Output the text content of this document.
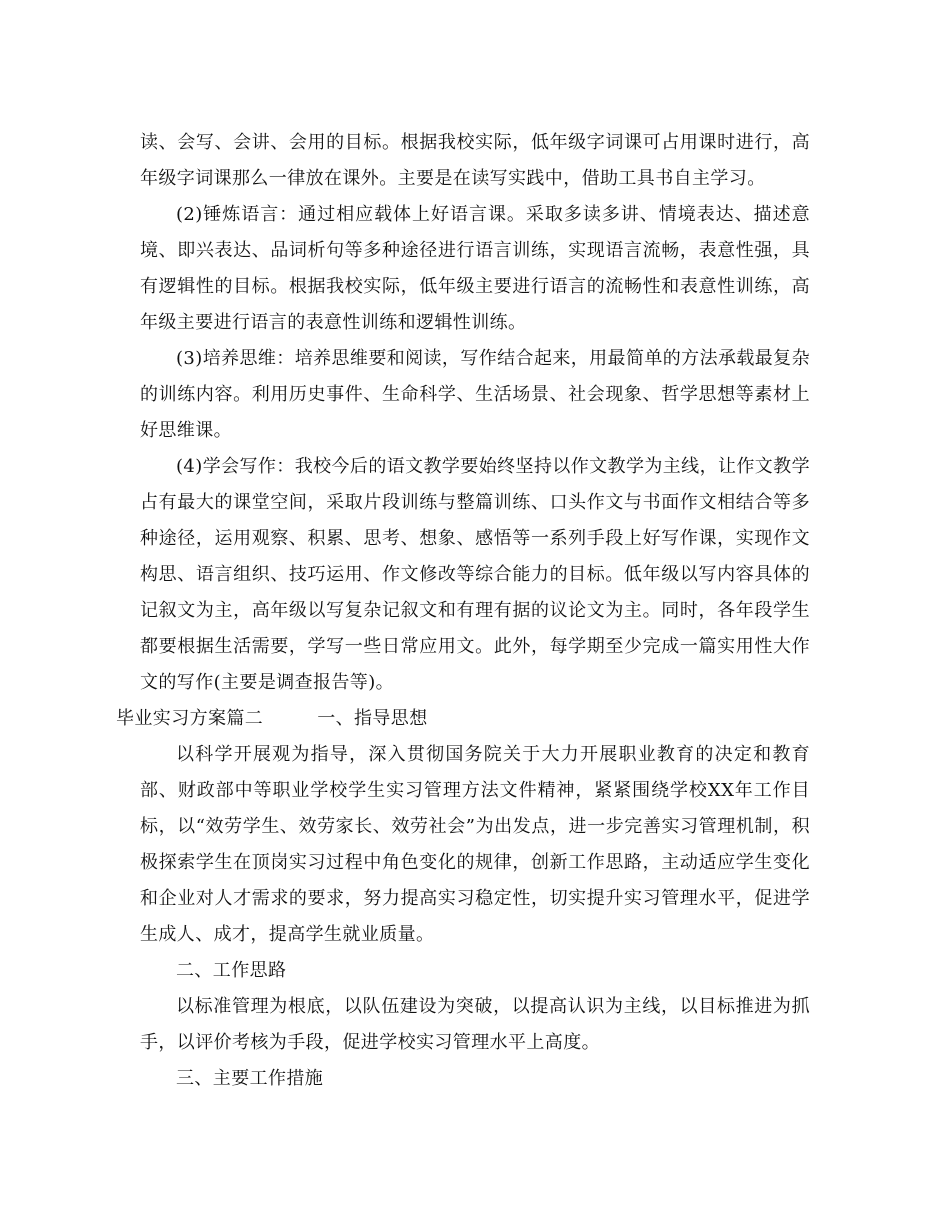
读、会写、会讲、会用的目标。根据我校实际，低年级字词课可占用课时进行，高年级字词课那么一律放在课外。主要是在读写实践中，借助工具书自主学习。

(2)锤炼语言：通过相应载体上好语言课。采取多读多讲、情境表达、描述意境、即兴表达、品词析句等多种途径进行语言训练，实现语言流畅，表意性强，具有逻辑性的目标。根据我校实际，低年级主要进行语言的流畅性和表意性训练，高年级主要进行语言的表意性训练和逻辑性训练。

(3)培养思维：培养思维要和阅读，写作结合起来，用最简单的方法承载最复杂的训练内容。利用历史事件、生命科学、生活场景、社会现象、哲学思想等素材上好思维课。

(4)学会写作：我校今后的语文教学要始终坚持以作文教学为主线，让作文教学占有最大的课堂空间，采取片段训练与整篇训练、口头作文与书面作文相结合等多种途径，运用观察、积累、思考、想象、感悟等一系列手段上好写作课，实现作文构思、语言组织、技巧运用、作文修改等综合能力的目标。低年级以写内容具体的记叙文为主，高年级以写复杂记叙文和有理有据的议论文为主。同时，各年段学生都要根据生活需要，学写一些日常应用文。此外，每学期至少完成一篇实用性大作文的写作(主要是调查报告等)。

毕业实习方案篇二	一、指导思想

以科学开展观为指导，深入贯彻国务院关于大力开展职业教育的决定和教育部、财政部中等职业学校学生实习管理方法文件精神，紧紧围绕学校XX年工作目标，以“效劳学生、效劳家长、效劳社会”为出发点，进一步完善实习管理机制，积极探索学生在顶岗实习过程中角色变化的规律，创新工作思路，主动适应学生变化和企业对人才需求的要求，努力提高实习稳定性，切实提升实习管理水平，促进学生成人、成才，提高学生就业质量。

二、工作思路

以标准管理为根底，以队伍建设为突破，以提高认识为主线，以目标推进为抓手，以评价考核为手段，促进学校实习管理水平上高度。

三、主要工作措施
